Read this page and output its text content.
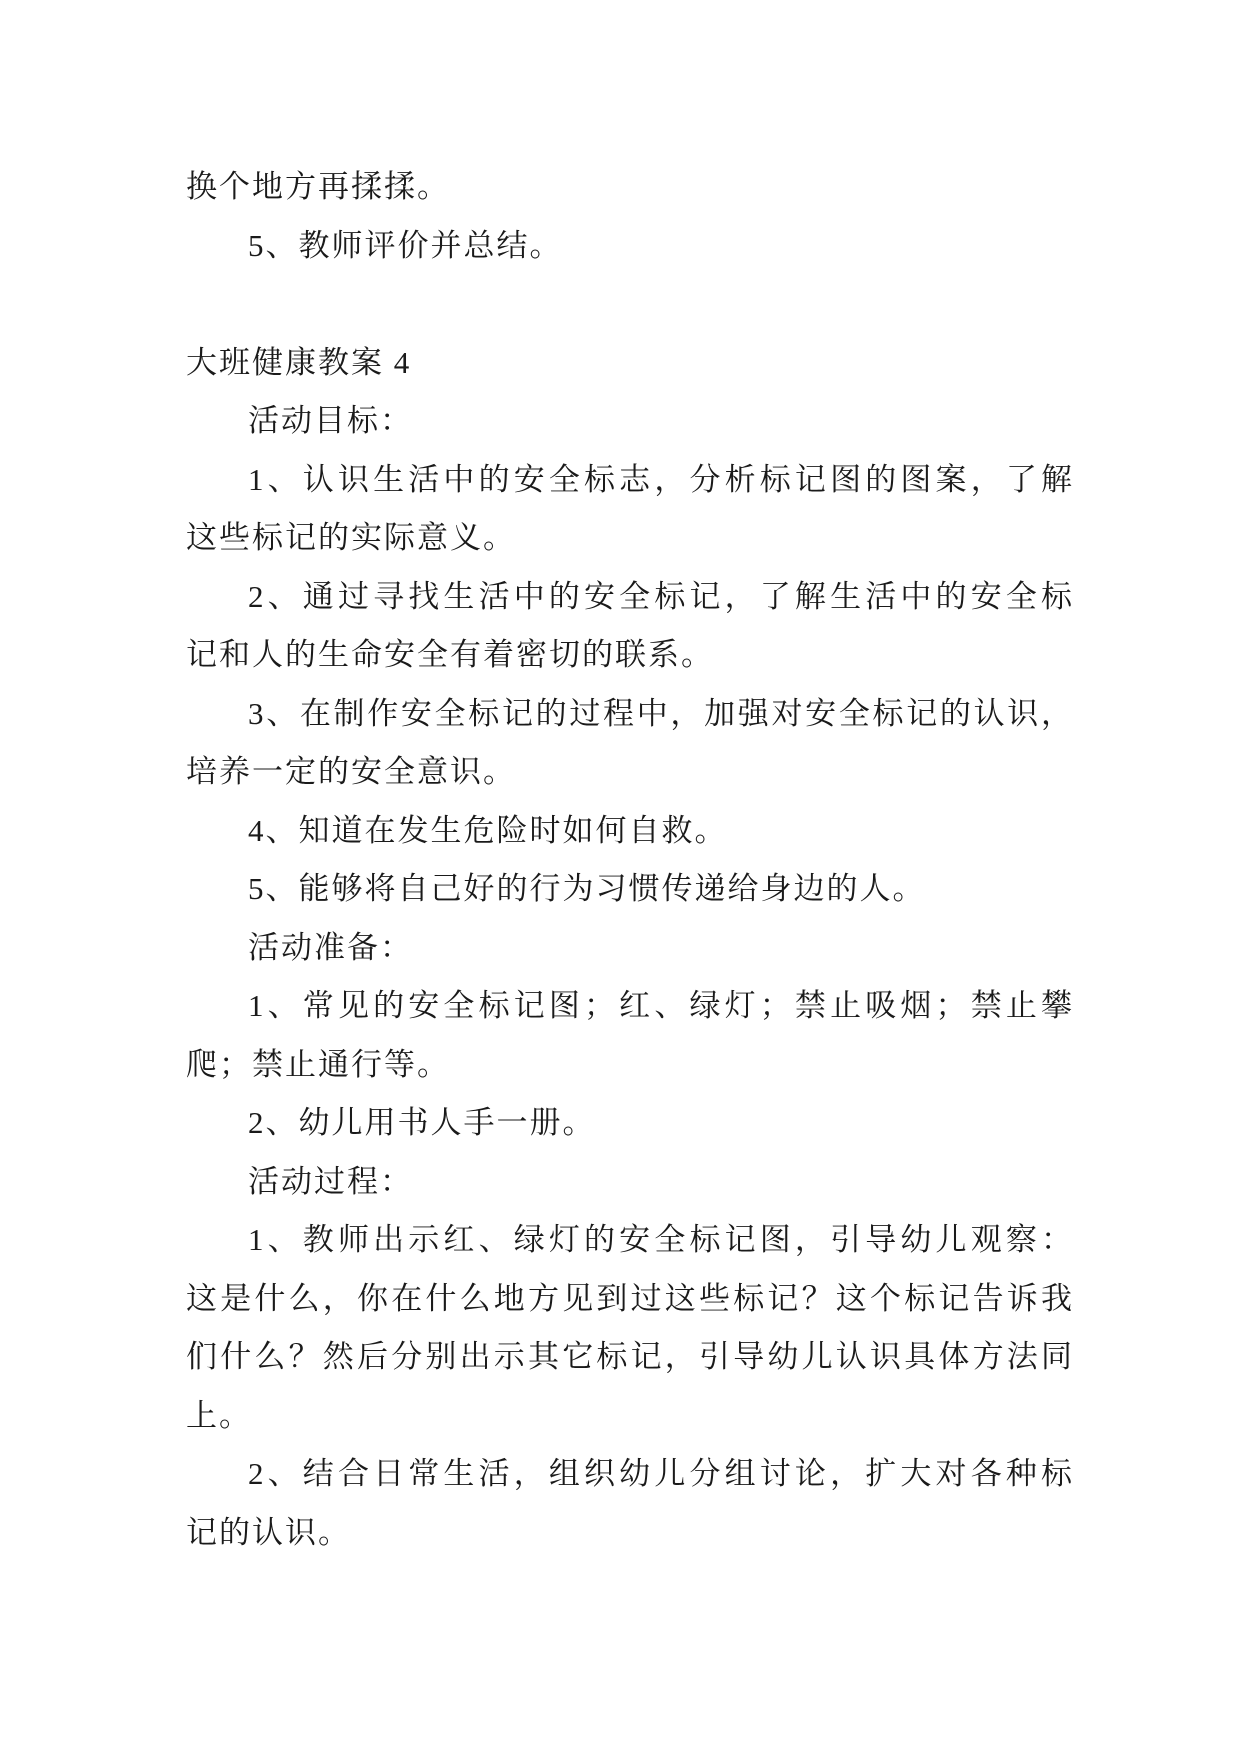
换个地方再揉揉。
5、教师评价并总结。

大班健康教案 4
活动目标：
1、认识生活中的安全标志，分析标记图的图案，了解
这些标记的实际意义。
2、通过寻找生活中的安全标记，了解生活中的安全标
记和人的生命安全有着密切的联系。
3、在制作安全标记的过程中，加强对安全标记的认识，
培养一定的安全意识。
4、知道在发生危险时如何自救。
5、能够将自己好的行为习惯传递给身边的人。
活动准备：
1、常见的安全标记图；红、绿灯；禁止吸烟；禁止攀
爬；禁止通行等。
2、幼儿用书人手一册。
活动过程：
1、教师出示红、绿灯的安全标记图，引导幼儿观察：
这是什么，你在什么地方见到过这些标记？这个标记告诉我
们什么？然后分别出示其它标记，引导幼儿认识具体方法同
上。
2、结合日常生活，组织幼儿分组讨论，扩大对各种标
记的认识。
